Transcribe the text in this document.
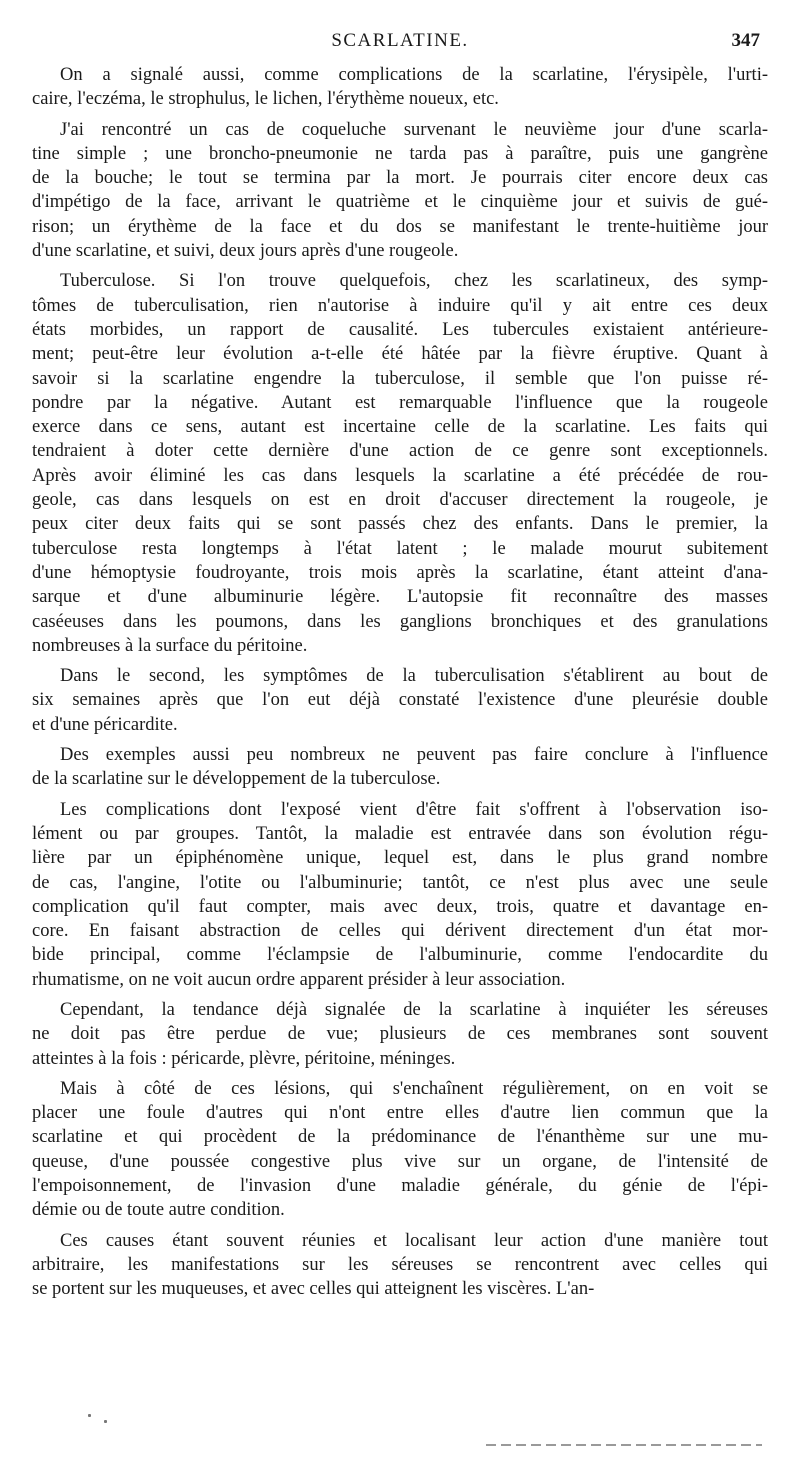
SCARLATINE.	347
On a signalé aussi, comme complications de la scarlatine, l'érysipèle, l'urti-
caire, l'eczéma, le strophulus, le lichen, l'érythème noueux, etc.
J'ai rencontré un cas de coqueluche survenant le neuvième jour d'une scarla-
tine simple ; une broncho-pneumonie ne tarda pas à paraître, puis une gangrène
de la bouche; le tout se termina par la mort. Je pourrais citer encore deux cas
d'impétigo de la face, arrivant le quatrième et le cinquième jour et suivis de gué-
rison; un érythème de la face et du dos se manifestant le trente-huitième jour
d'une scarlatine, et suivi, deux jours après d'une rougeole.
Tuberculose. Si l'on trouve quelquefois, chez les scarlatineux, des symp-
tômes de tuberculisation, rien n'autorise à induire qu'il y ait entre ces deux
états morbides, un rapport de causalité. Les tubercules existaient antérieure-
ment; peut-être leur évolution a-t-elle été hâtée par la fièvre éruptive. Quant à
savoir si la scarlatine engendre la tuberculose, il semble que l'on puisse ré-
pondre par la négative. Autant est remarquable l'influence que la rougeole
exerce dans ce sens, autant est incertaine celle de la scarlatine. Les faits qui
tendraient à doter cette dernière d'une action de ce genre sont exceptionnels.
Après avoir éliminé les cas dans lesquels la scarlatine a été précédée de rou-
geole, cas dans lesquels on est en droit d'accuser directement la rougeole, je
peux citer deux faits qui se sont passés chez des enfants. Dans le premier, la
tuberculose resta longtemps à l'état latent ; le malade mourut subitement
d'une hémoptysie foudroyante, trois mois après la scarlatine, étant atteint d'ana-
sarque et d'une albuminurie légère. L'autopsie fit reconnaître des masses
caséeuses dans les poumons, dans les ganglions bronchiques et des granulations
nombreuses à la surface du péritoine.
Dans le second, les symptômes de la tuberculisation s'établirent au bout de
six semaines après que l'on eut déjà constaté l'existence d'une pleurésie double
et d'une péricardite.
Des exemples aussi peu nombreux ne peuvent pas faire conclure à l'influence
de la scarlatine sur le développement de la tuberculose.
Les complications dont l'exposé vient d'être fait s'offrent à l'observation iso-
lément ou par groupes. Tantôt, la maladie est entravée dans son évolution régu-
lière par un épiphénomène unique, lequel est, dans le plus grand nombre
de cas, l'angine, l'otite ou l'albuminurie; tantôt, ce n'est plus avec une seule
complication qu'il faut compter, mais avec deux, trois, quatre et davantage en-
core. En faisant abstraction de celles qui dérivent directement d'un état mor-
bide principal, comme l'éclampsie de l'albuminurie, comme l'endocardite du
rhumatisme, on ne voit aucun ordre apparent présider à leur association.
Cependant, la tendance déjà signalée de la scarlatine à inquiéter les séreuses
ne doit pas être perdue de vue; plusieurs de ces membranes sont souvent
atteintes à la fois : péricarde, plèvre, péritoine, méninges.
Mais à côté de ces lésions, qui s'enchaînent régulièrement, on en voit se
placer une foule d'autres qui n'ont entre elles d'autre lien commun que la
scarlatine et qui procèdent de la prédominance de l'énanthème sur une mu-
queuse, d'une poussée congestive plus vive sur un organe, de l'intensité de
l'empoisonnement, de l'invasion d'une maladie générale, du génie de l'épi-
démie ou de toute autre condition.
Ces causes étant souvent réunies et localisant leur action d'une manière tout
arbitraire, les manifestations sur les séreuses se rencontrent avec celles qui
se portent sur les muqueuses, et avec celles qui atteignent les viscères. L'an-
